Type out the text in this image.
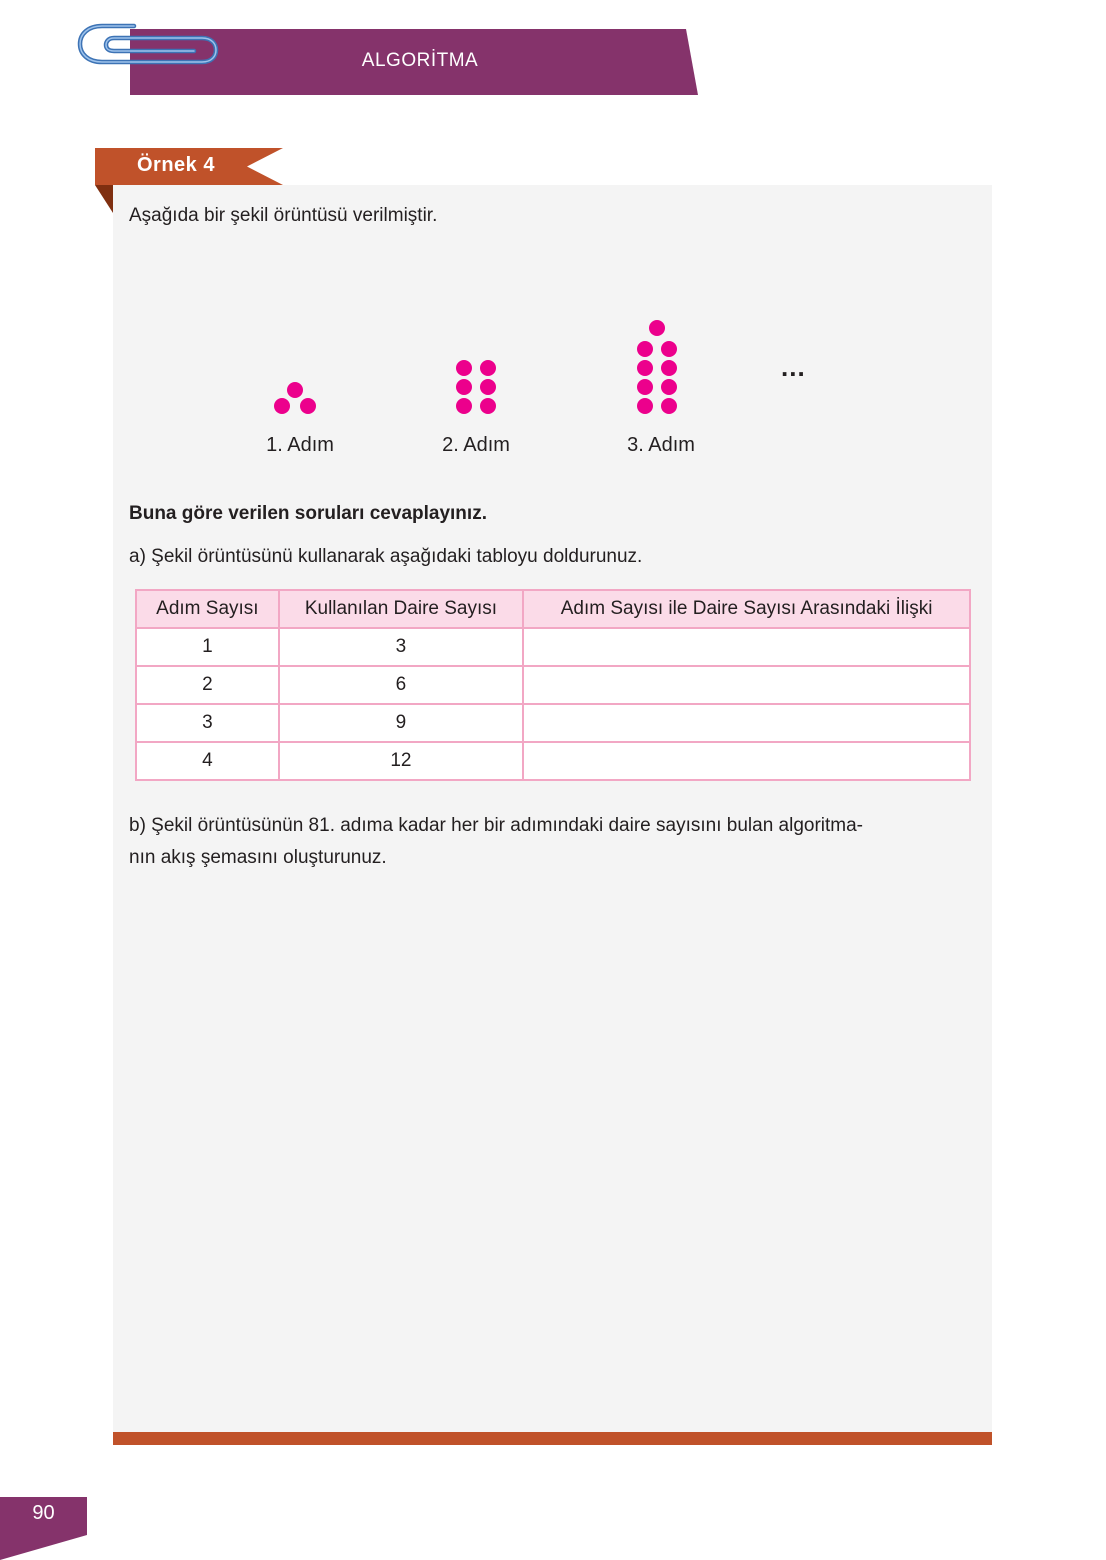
ALGORİTMA
Örnek 4
Aşağıda bir şekil örüntüsü verilmiştir.
1. Adım	2. Adım	3. Adım
...
Buna göre verilen soruları cevaplayınız.
a) Şekil örüntüsünü kullanarak aşağıdaki tabloyu doldurunuz.
Adım Sayısı	Kullanılan Daire Sayısı	Adım Sayısı ile Daire Sayısı Arasındaki İlişki
1	3	
2	6	
3	9	
4	12	
b) Şekil örüntüsünün 81. adıma kadar her bir adımındaki daire sayısını bulan algoritma-
nın akış şemasını oluşturunuz.
90
